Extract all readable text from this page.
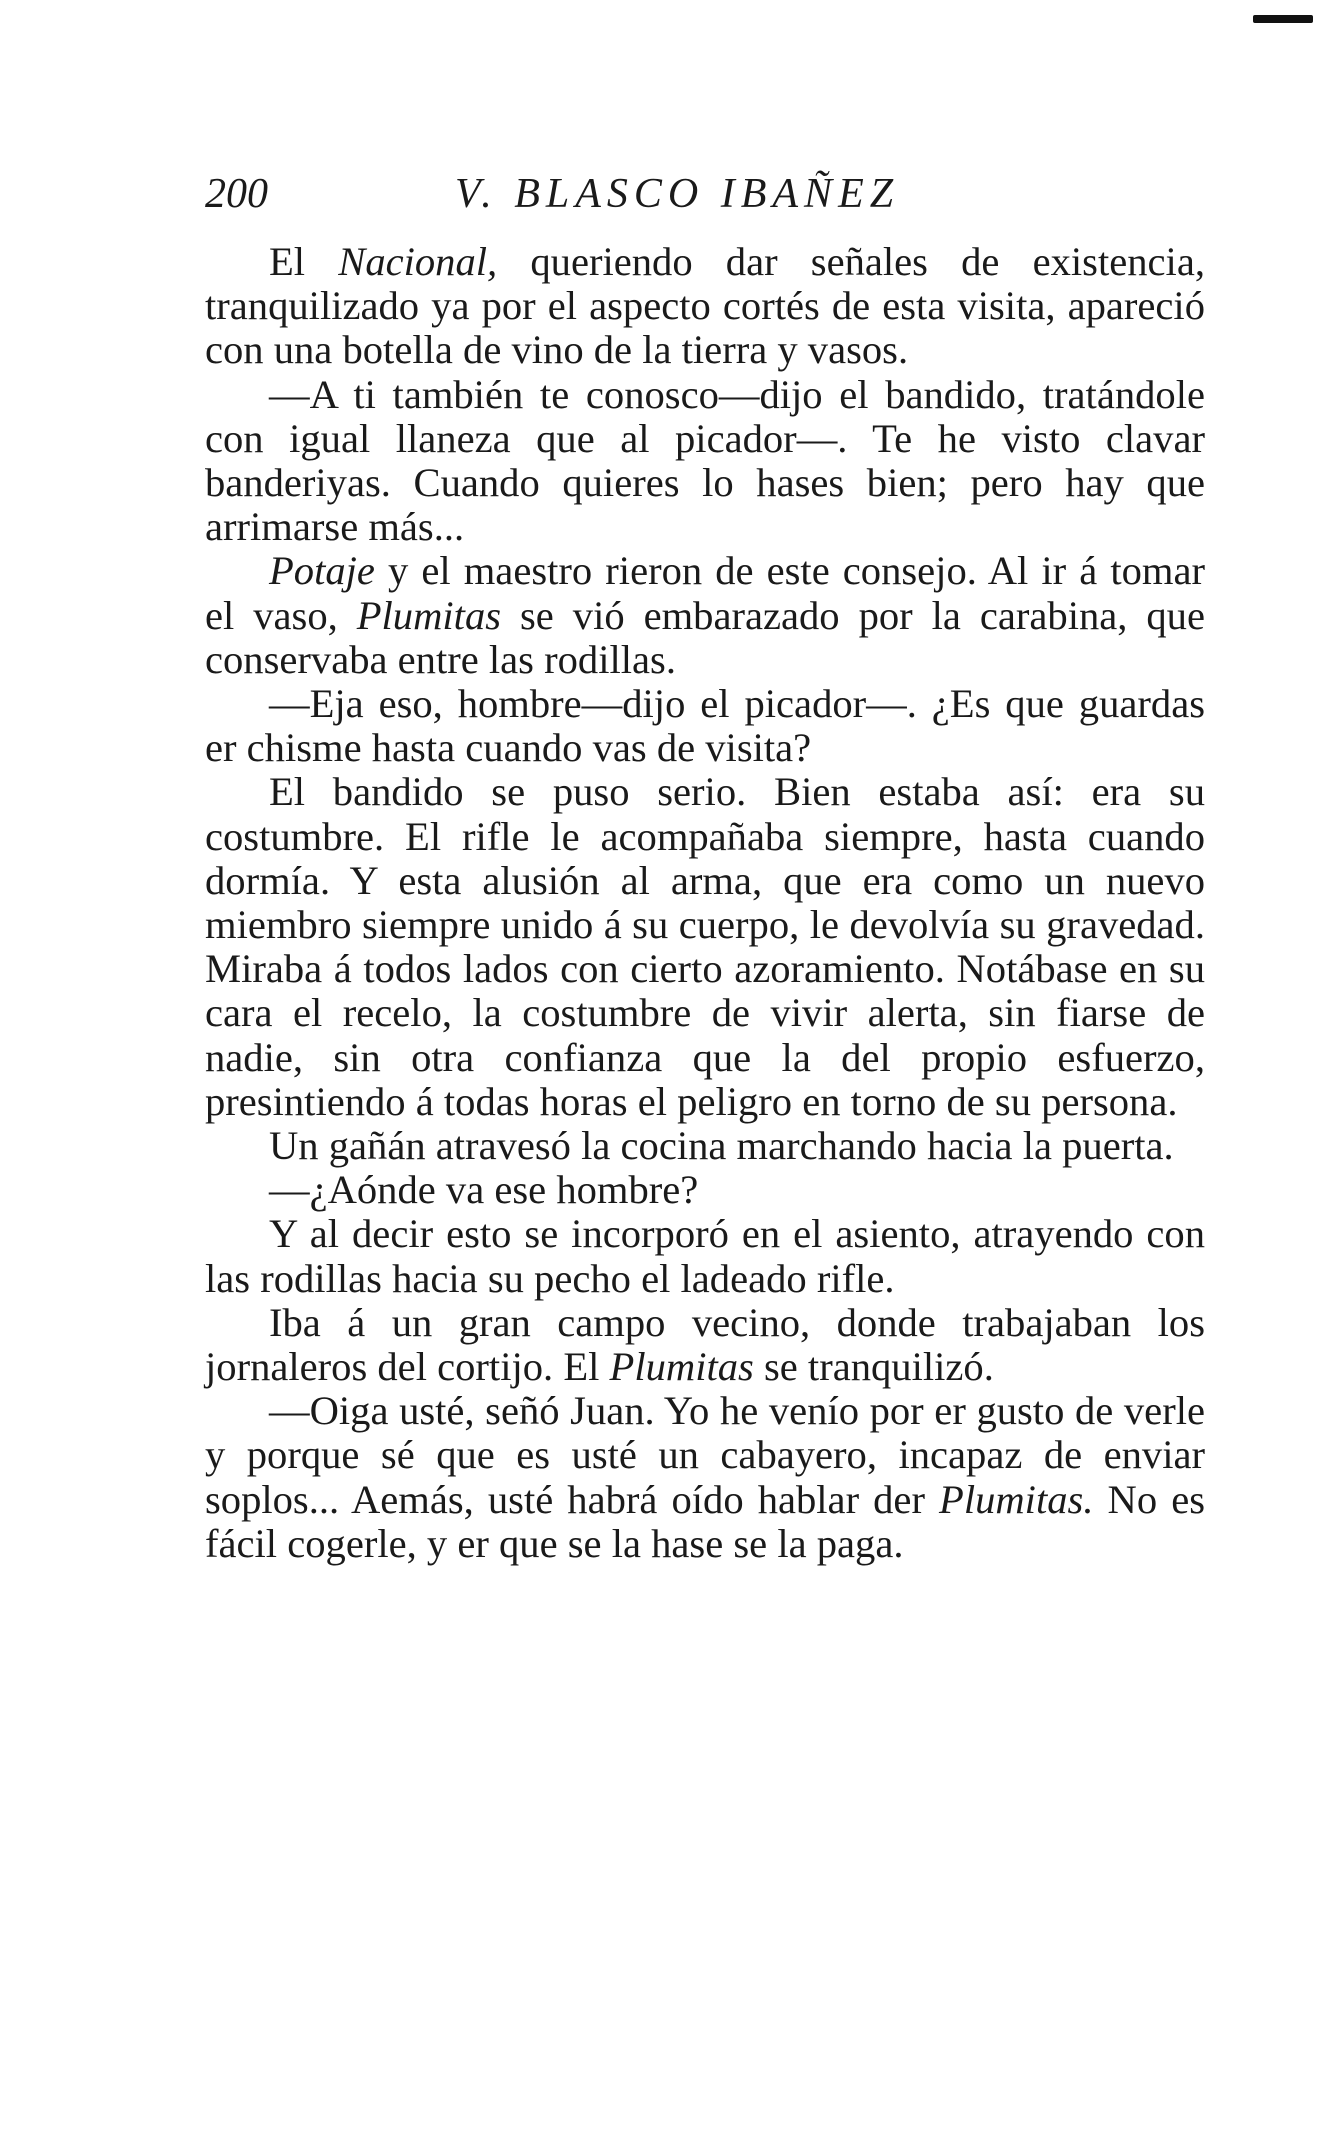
200	V. BLASCO IBAÑEZ

El Nacional, queriendo dar señales de existencia, tranquilizado ya por el aspecto cortés de esta visita, apareció con una botella de vino de la tierra y vasos.

—A ti también te conosco—dijo el bandido, tratándole con igual llaneza que al picador—. Te he visto clavar banderiyas. Cuando quieres lo hases bien; pero hay que arrimarse más...

Potaje y el maestro rieron de este consejo. Al ir á tomar el vaso, Plumitas se vió embarazado por la carabina, que conservaba entre las rodillas.

—Eja eso, hombre—dijo el picador—. ¿Es que guardas er chisme hasta cuando vas de visita?

El bandido se puso serio. Bien estaba así: era su costumbre. El rifle le acompañaba siempre, hasta cuando dormía. Y esta alusión al arma, que era como un nuevo miembro siempre unido á su cuerpo, le devolvía su gravedad. Miraba á todos lados con cierto azoramiento. Notábase en su cara el recelo, la costumbre de vivir alerta, sin fiarse de nadie, sin otra confianza que la del propio esfuerzo, presintiendo á todas horas el peligro en torno de su persona.

Un gañán atravesó la cocina marchando hacia la puerta.

—¿Aónde va ese hombre?

Y al decir esto se incorporó en el asiento, atrayendo con las rodillas hacia su pecho el ladeado rifle.

Iba á un gran campo vecino, donde trabajaban los jornaleros del cortijo. El Plumitas se tranquilizó.

—Oiga usté, señó Juan. Yo he venío por er gusto de verle y porque sé que es usté un cabayero, incapaz de enviar soplos... Aemás, usté habrá oído hablar der Plumitas. No es fácil cogerle, y er que se la hase se la paga.
